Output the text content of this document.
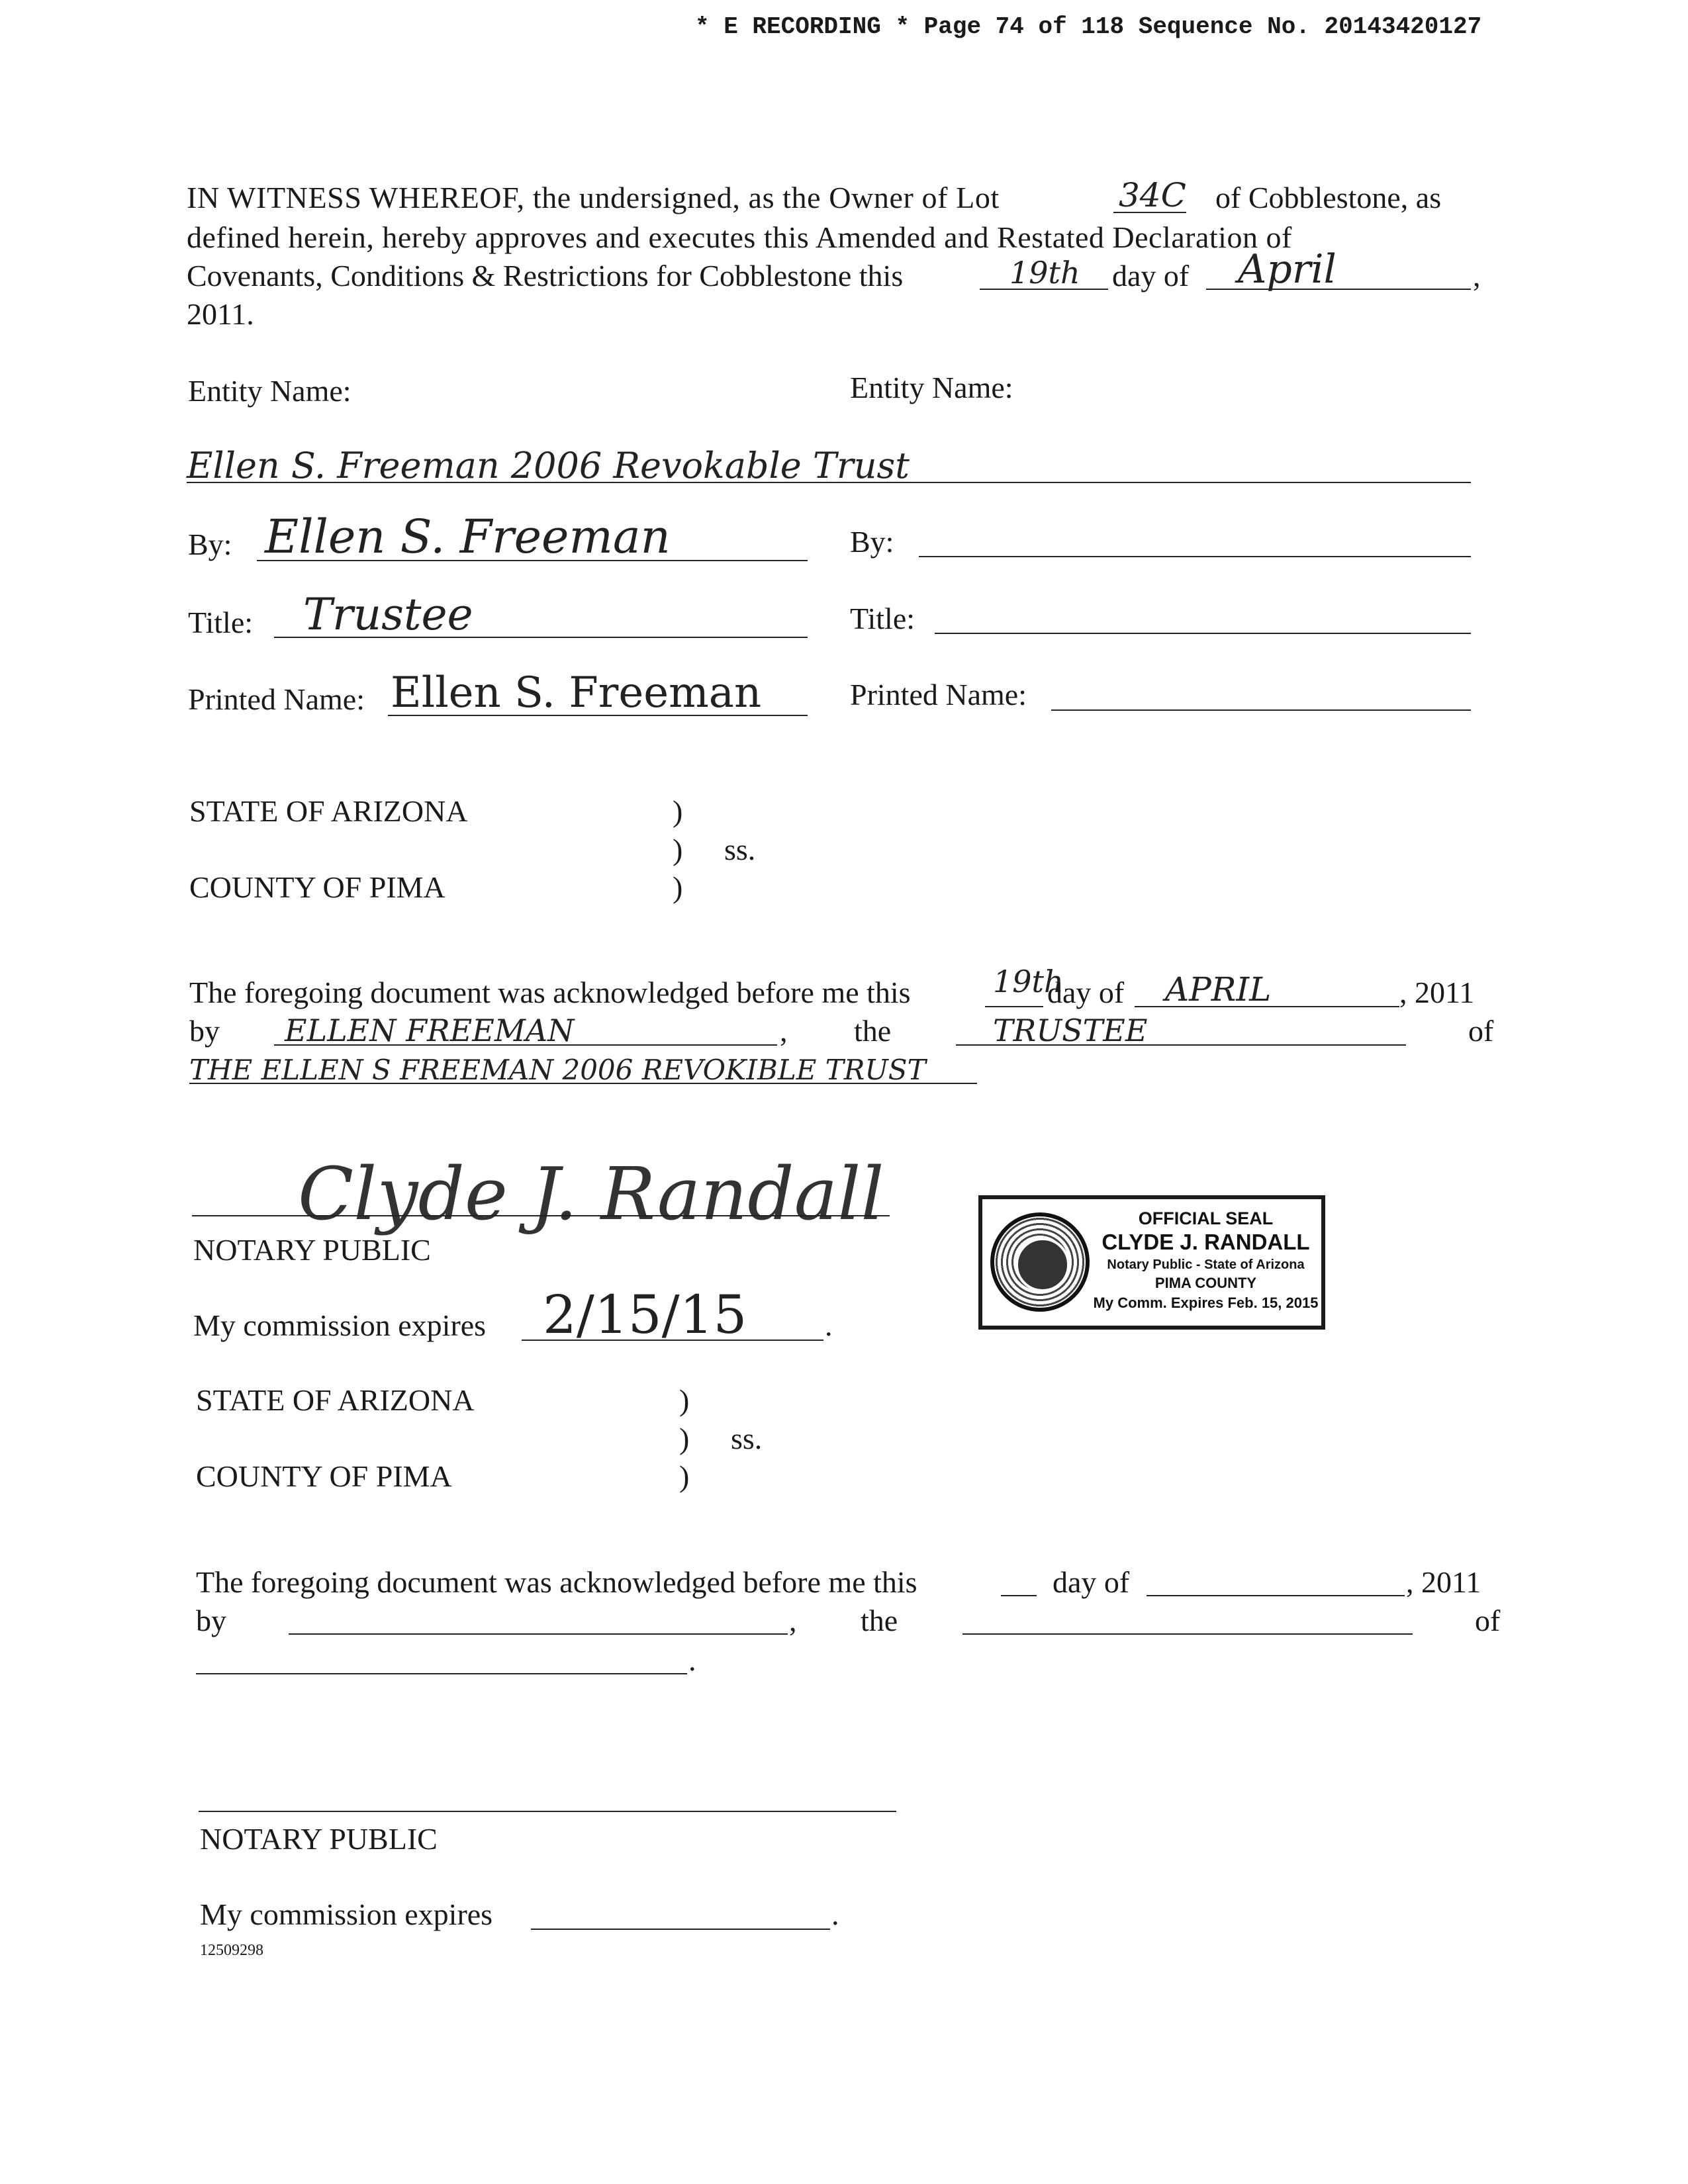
* E RECORDING * Page 74 of 118 Sequence No. 20143420127
IN WITNESS WHEREOF, the undersigned, as the Owner of Lot	34C of Cobblestone, as
defined herein, hereby approves and executes this Amended and Restated Declaration of
Covenants, Conditions & Restrictions for Cobblestone this	19th day of April	,
2011.
Entity Name:
Ellen S. Freeman 2006 Revokable Trust
By: Ellen S. Freeman
Title: Trustee
Printed Name: Ellen S. Freeman
Entity Name:
By:
Title:
Printed Name:
STATE OF ARIZONA	)
) ss.
COUNTY OF PIMA	)
The foregoing document was acknowledged before me this	19th
day of APRIL	, 2011
by ELLEN FREEMAN	, the	TRUSTEE	of
THE ELLEN S FREEMAN 2006 REVOKIBLE TRUST
Clyde J. Randall
NOTARY PUBLIC
My commission expires 2/15/15	.
OFFICIAL SEAL
CLYDE J. RANDALL
Notary Public - State of Arizona
PIMA COUNTY
My Comm. Expires Feb. 15, 2015
STATE OF ARIZONA	)
) ss.
COUNTY OF PIMA	)
The foregoing document was acknowledged before me this	day of	, 2011
by	, the	of
.
NOTARY PUBLIC
My commission expires	.
12509298
